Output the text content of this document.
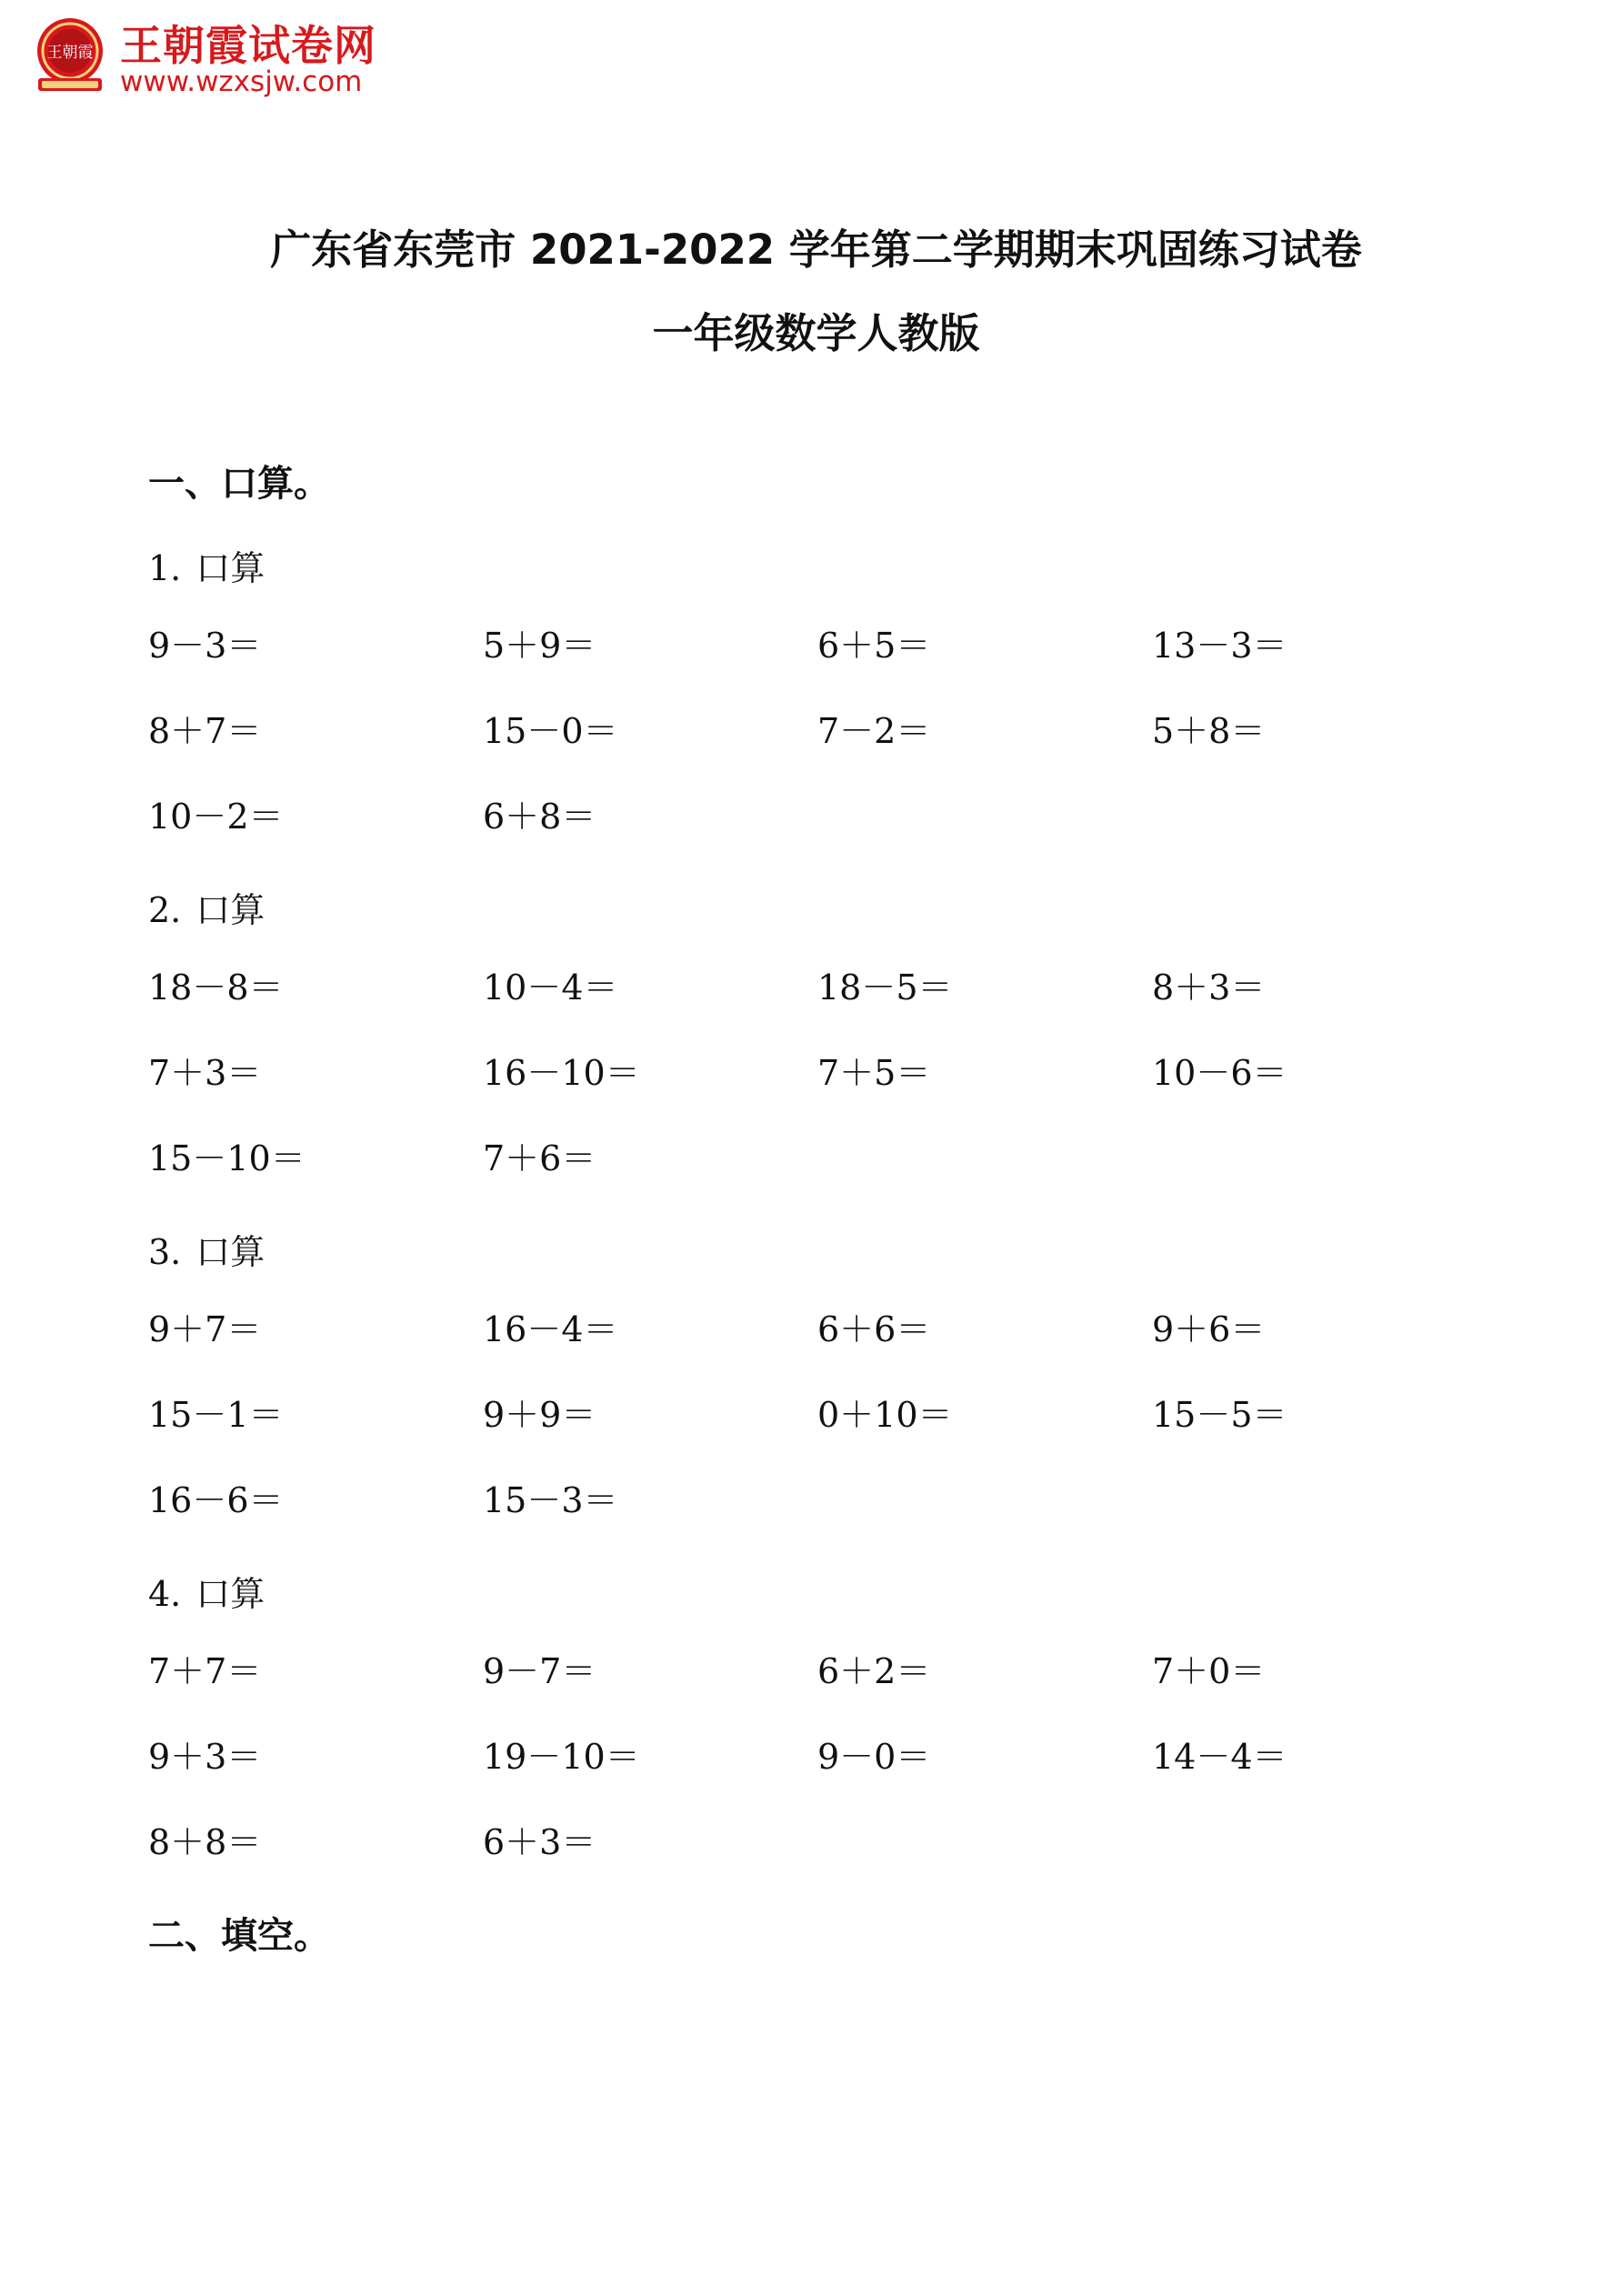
王朝霞 王朝霞试卷网
www.wzxsjw.com
广东省东莞市 2021-2022 学年第二学期期末巩固练习试卷
一年级数学人教版
一、口算。
1. 口算
9－3＝	5＋9＝	6＋5＝	13－3＝
8＋7＝	15－0＝	7－2＝	5＋8＝
10－2＝	6＋8＝
2. 口算
18－8＝	10－4＝	18－5＝	8＋3＝
7＋3＝	16－10＝	7＋5＝	10－6＝
15－10＝	7＋6＝
3. 口算
9＋7＝	16－4＝	6＋6＝	9＋6＝
15－1＝	9＋9＝	0＋10＝	15－5＝
16－6＝	15－3＝
4. 口算
7＋7＝	9－7＝	6＋2＝	7＋0＝
9＋3＝	19－10＝	9－0＝	14－4＝
8＋8＝	6＋3＝
二、填空。
